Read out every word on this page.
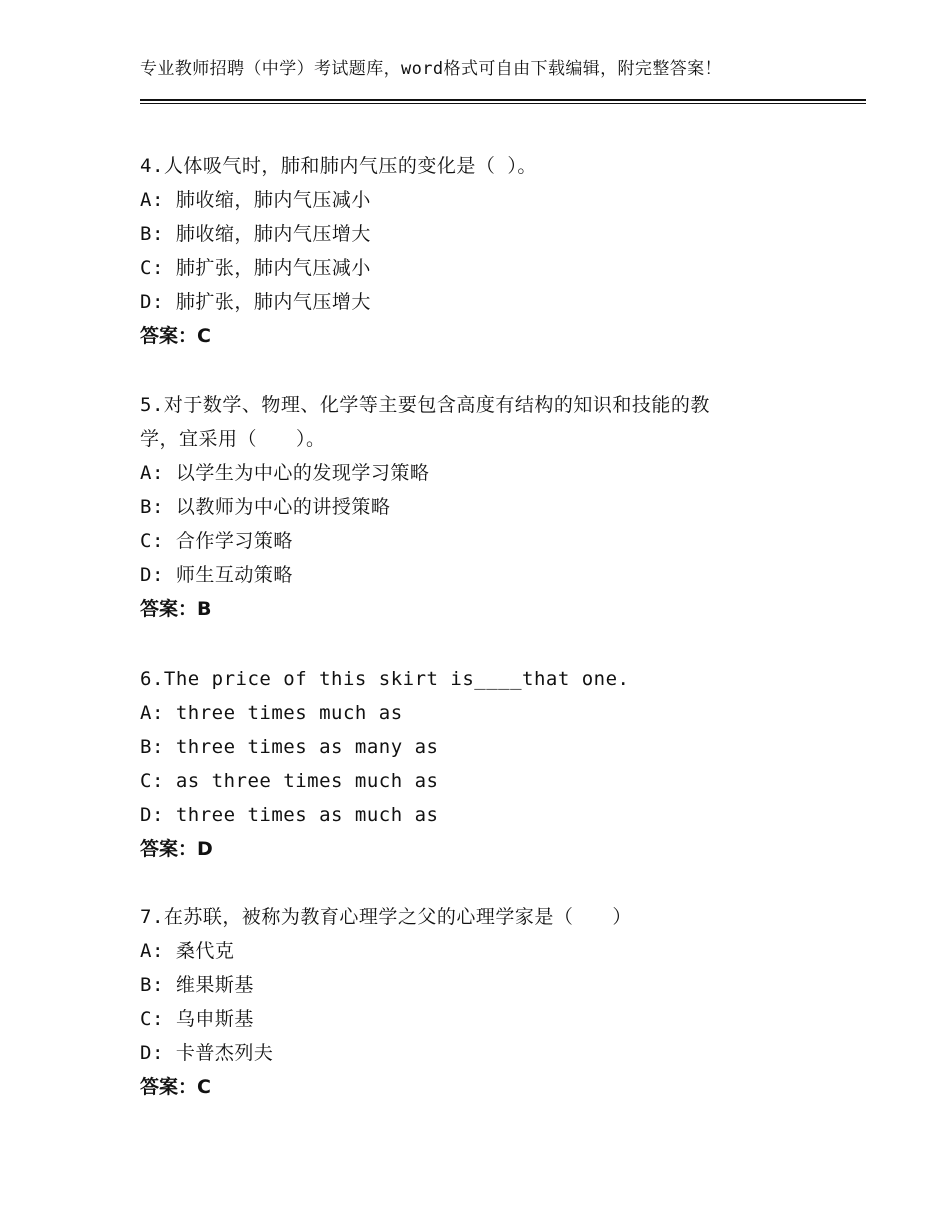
专业教师招聘（中学）考试题库，word格式可自由下载编辑，附完整答案！
4.人体吸气时，肺和肺内气压的变化是（ ）。
A: 肺收缩，肺内气压减小
B: 肺收缩，肺内气压增大
C: 肺扩张，肺内气压减小
D: 肺扩张，肺内气压增大
答案：C
5.对于数学、物理、化学等主要包含高度有结构的知识和技能的教
学，宜采用（　　）。
A: 以学生为中心的发现学习策略
B: 以教师为中心的讲授策略
C: 合作学习策略
D: 师生互动策略
答案：B
6.The price of this skirt is____that one.
A: three times much as
B: three times as many as
C: as three times much as
D: three times as much as
答案：D
7.在苏联，被称为教育心理学之父的心理学家是（　　）
A: 桑代克
B: 维果斯基
C: 乌申斯基
D: 卡普杰列夫
答案：C
